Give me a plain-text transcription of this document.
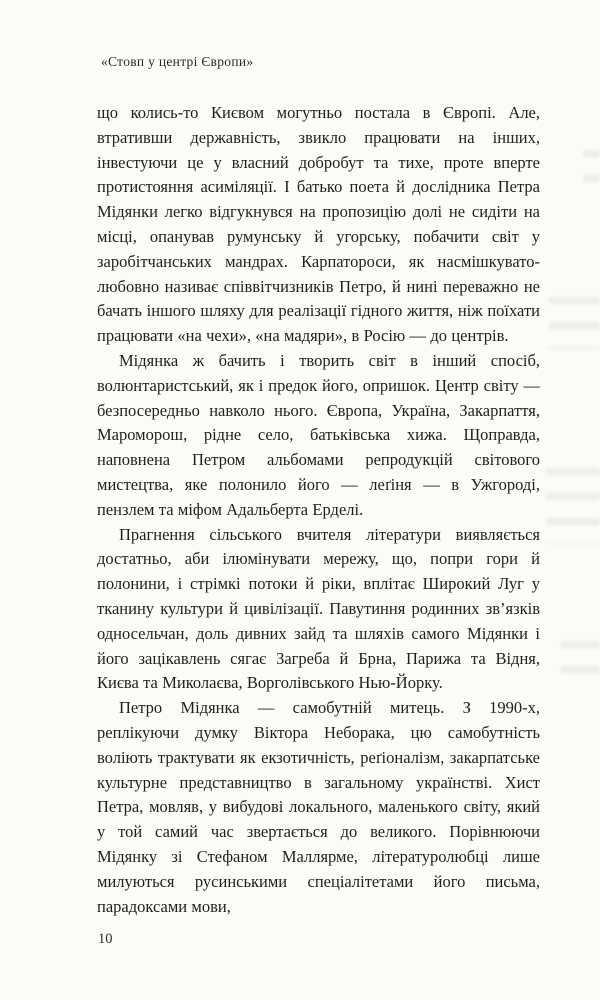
«Стовп у центрі Європи»

що колись-то Києвом могутньо постала в Європі. Але, втративши державність, звикло працювати на інших, інвестуючи це у власний добробут та тихе, проте вперте протистояння асиміляції. І батько поета й дослідника Петра Мідянки легко відгукнувся на пропозицію долі не сидіти на місці, опанував румунську й угорську, побачити світ у заробітчанських мандрах. Карпатороси, як насмішкувато-любовно називає співвітчизників Петро, й нині переважно не бачать іншого шляху для реалізації гідного життя, ніж поїхати працювати «на чехи», «на мадяри», в Росію — до центрів.

Мідянка ж бачить і творить світ в інший спосіб, волюнтаристський, як і предок його, опришок. Центр світу — безпосередньо навколо нього. Європа, Україна, Закарпаття, Мароморош, рідне село, батьківська хижа. Щоправда, наповнена Петром альбомами репродукцій світового мистецтва, яке полонило його — леґіня — в Ужгороді, пензлем та міфом Адальберта Ерделі.

Прагнення сільського вчителя літератури виявляється достатньо, аби ілюмінувати мережу, що, попри гори й полонини, і стрімкі потоки й ріки, вплітає Широкий Луг у тканину культури й цивілізації. Павутиння родинних зв’язків односельчан, доль дивних зайд та шляхів самого Мідянки і його зацікавлень сягає Загреба й Брна, Парижа та Відня, Києва та Миколаєва, Ворголівського Нью-Йорку.

Петро Мідянка — самобутній митець. З 1990-х, реплікуючи думку Віктора Неборака, цю самобутність воліють трактувати як екзотичність, реґіоналізм, закарпатське культурне представництво в загальному українстві. Хист Петра, мовляв, у вибудові локального, маленького світу, який у той самий час звертається до великого. Порівнюючи Мідянку зі Стефаном Маллярме, літературолюбці лише милуються русинськими спеціалітетами його письма, парадоксами мови,

10
